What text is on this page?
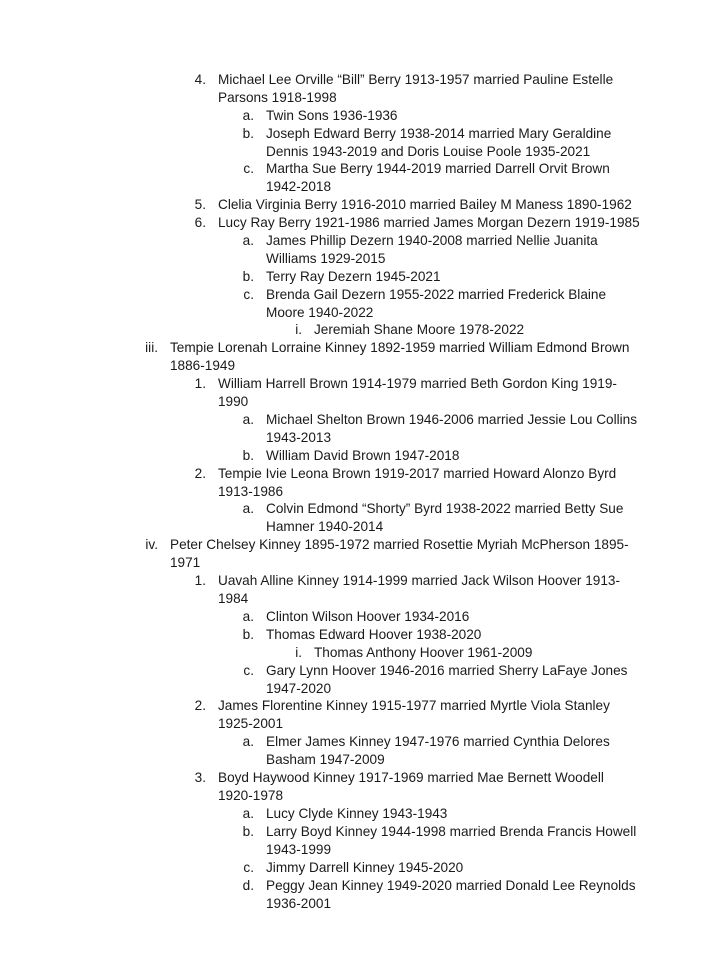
4. Michael Lee Orville “Bill” Berry 1913-1957 married Pauline Estelle
Parsons 1918-1998
a. Twin Sons 1936-1936
b. Joseph Edward Berry 1938-2014 married Mary Geraldine
Dennis 1943-2019 and Doris Louise Poole 1935-2021
c. Martha Sue Berry 1944-2019 married Darrell Orvit Brown
1942-2018
5. Clelia Virginia Berry 1916-2010 married Bailey M Maness 1890-1962
6. Lucy Ray Berry 1921-1986 married James Morgan Dezern 1919-1985
a. James Phillip Dezern 1940-2008 married Nellie Juanita
Williams 1929-2015
b. Terry Ray Dezern 1945-2021
c. Brenda Gail Dezern 1955-2022 married Frederick Blaine
Moore 1940-2022
i. Jeremiah Shane Moore 1978-2022
iii. Tempie Lorenah Lorraine Kinney 1892-1959 married William Edmond Brown
1886-1949
1. William Harrell Brown 1914-1979 married Beth Gordon King 1919-
1990
a. Michael Shelton Brown 1946-2006 married Jessie Lou Collins
1943-2013
b. William David Brown 1947-2018
2. Tempie Ivie Leona Brown 1919-2017 married Howard Alonzo Byrd
1913-1986
a. Colvin Edmond “Shorty” Byrd 1938-2022 married Betty Sue
Hamner 1940-2014
iv. Peter Chelsey Kinney 1895-1972 married Rosettie Myriah McPherson 1895-
1971
1. Uavah Alline Kinney 1914-1999 married Jack Wilson Hoover 1913-
1984
a. Clinton Wilson Hoover 1934-2016
b. Thomas Edward Hoover 1938-2020
i. Thomas Anthony Hoover 1961-2009
c. Gary Lynn Hoover 1946-2016 married Sherry LaFaye Jones
1947-2020
2. James Florentine Kinney 1915-1977 married Myrtle Viola Stanley
1925-2001
a. Elmer James Kinney 1947-1976 married Cynthia Delores
Basham 1947-2009
3. Boyd Haywood Kinney 1917-1969 married Mae Bernett Woodell
1920-1978
a. Lucy Clyde Kinney 1943-1943
b. Larry Boyd Kinney 1944-1998 married Brenda Francis Howell
1943-1999
c. Jimmy Darrell Kinney 1945-2020
d. Peggy Jean Kinney 1949-2020 married Donald Lee Reynolds
1936-2001
